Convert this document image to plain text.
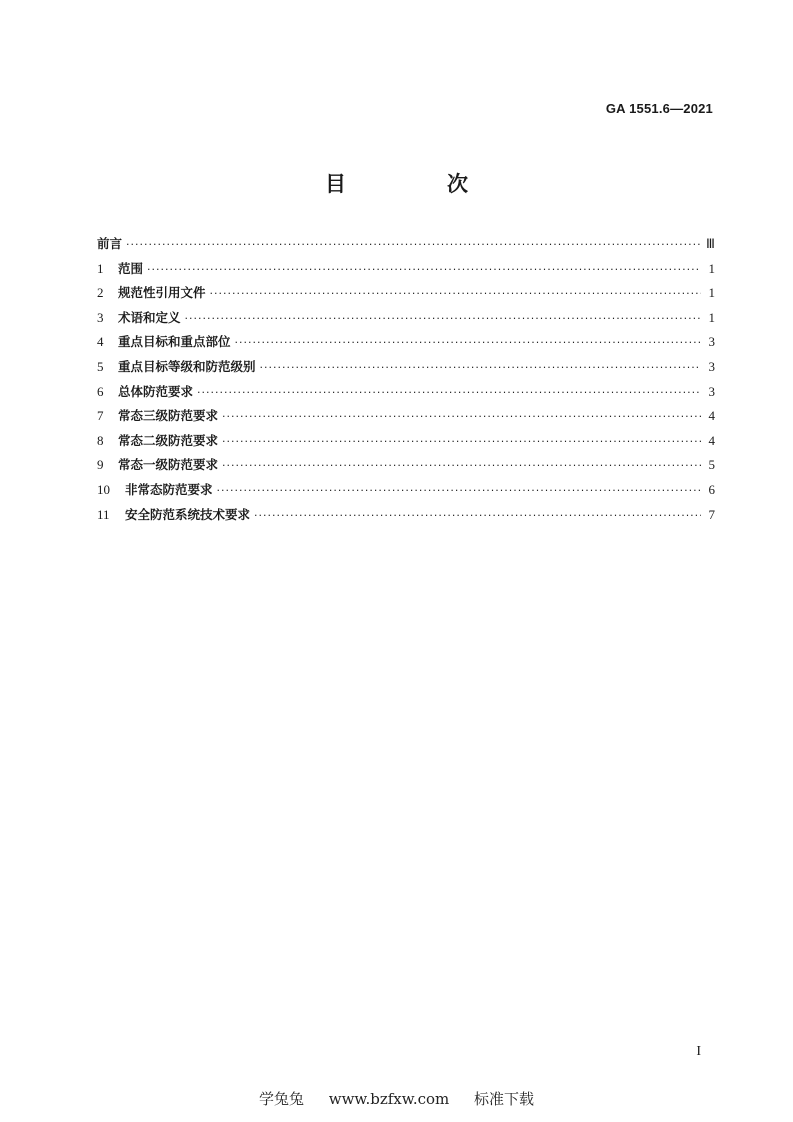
GA 1551.6—2021
目　次
前言 ·····	Ⅲ
1	范围 ·····	1
2	规范性引用文件 ·····	1
3	术语和定义 ·····	1
4	重点目标和重点部位 ·····	3
5	重点目标等级和防范级别 ·····	3
6	总体防范要求 ·····	3
7	常态三级防范要求 ·····	4
8	常态二级防范要求 ·····	4
9	常态一级防范要求 ·····	5
10	非常态防范要求 ·····	6
11	安全防范系统技术要求 ·····	7
I
学兔兔 www.bzfxw.com 标准下载
